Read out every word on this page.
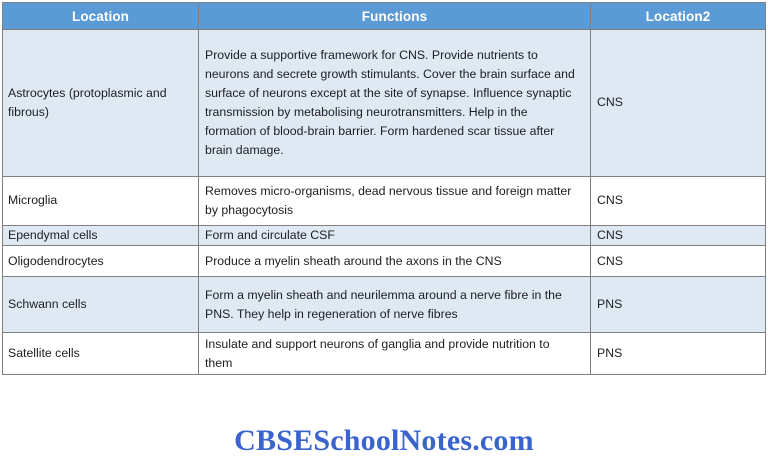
Location	Functions	Location2
Astrocytes (protoplasmic and fibrous)	Provide a supportive framework for CNS. Provide nutrients to neurons and secrete growth stimulants. Cover the brain surface and surface of neurons except at the site of synapse. Influence synaptic transmission by metabolising neurotransmitters. Help in the formation of blood-brain barrier. Form hardened scar tissue after brain damage.	CNS
Microglia	Removes micro-organisms, dead nervous tissue and foreign matter by phagocytosis	CNS
Ependymal cells	Form and circulate CSF	CNS
Oligodendrocytes	Produce a myelin sheath around the axons in the CNS	CNS
Schwann cells	Form a myelin sheath and neurilemma around a nerve fibre in the PNS. They help in regeneration of nerve fibres	PNS
Satellite cells	Insulate and support neurons of ganglia and provide nutrition to them	PNS
CBSESchoolNotes.com
